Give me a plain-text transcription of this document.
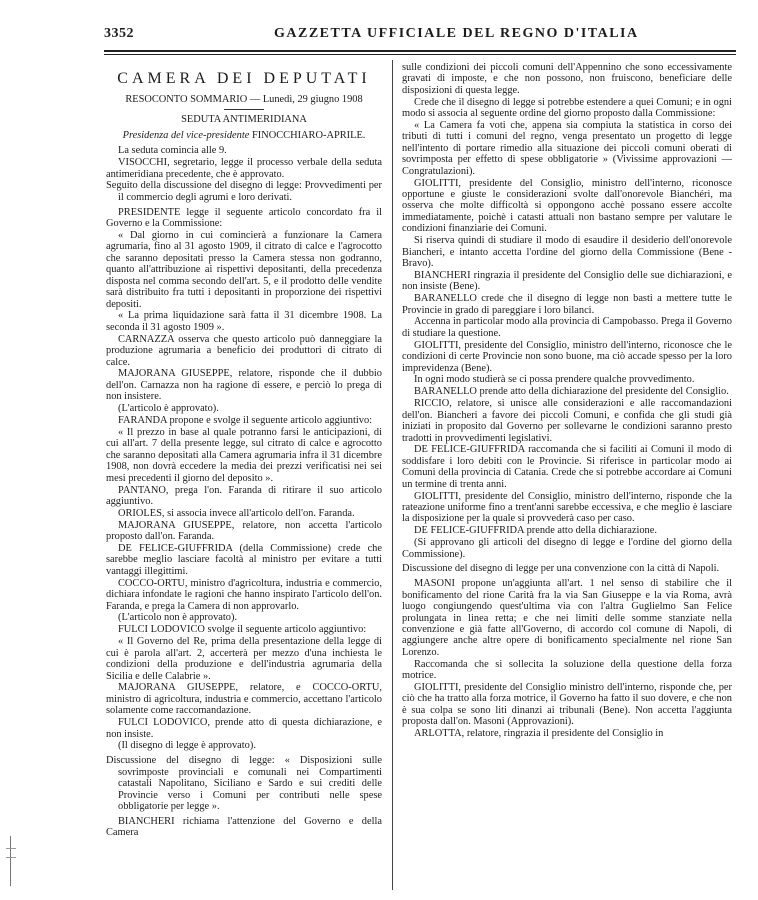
3352	GAZZETTA UFFICIALE DEL REGNO D'ITALIA
CAMERA DEI DEPUTATI
RESOCONTO SOMMARIO — Lunedì, 29 giugno 1908
SEDUTA ANTIMERIDIANA
Presidenza del vice-presidente FINOCCHIARO-APRILE.

La seduta comincia alle 9.

VISOCCHI, segretario, legge il processo verbale della seduta antimeridiana precedente, che è approvato.

Seguito della discussione del disegno di legge: Provvedimenti per il commercio degli agrumi e loro derivati.

PRESIDENTE legge il seguente articolo concordato fra il Governo e la Commissione:

« Dal giorno in cui comincierà a funzionare la Camera agrumaria, fino al 31 agosto 1909, il citrato di calce e l'agrocotto che saranno depositati presso la Camera stessa non godranno, quanto all'attribuzione ai rispettivi depositanti, della precedenza disposta nel comma secondo dell'art. 5, e il prodotto delle vendite sarà distribuito fra tutti i depositanti in proporzione dei rispettivi depositi.

« La prima liquidazione sarà fatta il 31 dicembre 1908. La seconda il 31 agosto 1909 ».

CARNAZZA osserva che questo articolo può danneggiare la produzione agrumaria a beneficio dei produttori di citrato di calce.

MAJORANA GIUSEPPE, relatore, risponde che il dubbio dell'on. Carnazza non ha ragione di essere, e perciò lo prega di non insistere.

(L'articolo è approvato).

FARANDA propone e svolge il seguente articolo aggiuntivo:

« Il prezzo in base al quale potranno farsi le anticipazioni, di cui all'art. 7 della presente legge, sul citrato di calce e agrocotto che saranno depositati alla Camera agrumaria infra il 31 dicembre 1908, non dovrà eccedere la media dei prezzi verificatisi nei sei mesi precedenti il giorno del deposito ».

PANTANO, prega l'on. Faranda di ritirare il suo articolo aggiuntivo.

ORIOLES, si associa invece all'articolo dell'on. Faranda.

MAJORANA GIUSEPPE, relatore, non accetta l'articolo proposto dall'on. Faranda.

DE FELICE-GIUFFRIDA (della Commissione) crede che sarebbe meglio lasciare facoltà al ministro per evitare a tutti vantaggi illegittimi.

COCCO-ORTU, ministro d'agricoltura, industria e commercio, dichiara infondate le ragioni che hanno inspirato l'articolo dell'on. Faranda, e prega la Camera di non approvarlo.

(L'articolo non è approvato).

FULCI LODOVICO svolge il seguente articolo aggiuntivo:

« Il Governo del Re, prima della presentazione della legge di cui è parola all'art. 2, accerterà per mezzo d'una inchiesta le condizioni della produzione e dell'industria agrumaria della Sicilia e delle Calabrie ».

MAJORANA GIUSEPPE, relatore, e COCCO-ORTU, ministro di agricoltura, industria e commercio, accettano l'articolo solamente come raccomandazione.

FULCI LODOVICO, prende atto di questa dichiarazione, e non insiste.

(Il disegno di legge è approvato).

Discussione del disegno di legge: « Disposizioni sulle sovrimposte provinciali e comunali nei Compartimenti catastali Napolitano, Siciliano e Sardo e sui crediti delle Provincie verso i Comuni per contributi nelle spese obbligatorie per legge ».

BIANCHERI richiama l'attenzione del Governo e della Camera

sulle condizioni dei piccoli comuni dell'Appennino che sono eccessivamente gravati di imposte, e che non possono, non fruiscono, beneficiare delle disposizioni di questa legge.

Crede che il disegno di legge si potrebbe estendere a quei Comuni; e in ogni modo si associa al seguente ordine del giorno proposto dalla Commissione:

« La Camera fa voti che, appena sia compiuta la statistica in corso dei tributi di tutti i comuni del regno, venga presentato un progetto di legge nell'intento di portare rimedio alla situazione dei piccoli comuni oberati di sovrimposta per effetto di spese obbligatorie » (Vivissime approvazioni — Congratulazioni).

GIOLITTI, presidente del Consiglio, ministro dell'interno, riconosce opportune e giuste le considerazioni svolte dall'onorevole Bianchéri, ma osserva che molte difficoltà si oppongono acchè possano essere accolte immediatamente, poichè i catasti attuali non bastano sempre per valutare le condizioni finanziarie dei Comuni.

Si riserva quindi di studiare il modo di esaudire il desiderio dell'onorevole Biancheri, e intanto accetta l'ordine del giorno della Commissione (Bene - Bravo).

BIANCHERI ringrazia il presidente del Consiglio delle sue dichiarazioni, e non insiste (Bene).

BARANELLO crede che il disegno di legge non basti a mettere tutte le Provincie in grado di pareggiare i loro bilanci.

Accenna in particolar modo alla provincia di Campobasso. Prega il Governo di studiare la questione.

GIOLITTI, presidente del Consiglio, ministro dell'interno, riconosce che le condizioni di certe Provincie non sono buone, ma ciò accade spesso per la loro imprevidenza (Bene).

In ogni modo studierà se ci possa prendere qualche provvedimento.

BARANELLO prende atto della dichiarazione del presidente del Consiglio.

RICCIO, relatore, si unisce alle considerazioni e alle raccomandazioni dell'on. Biancheri a favore dei piccoli Comuni, e confida che gli studi già iniziati in proposito dal Governo per sollevarne le condizioni saranno presto tradotti in provvedimenti legislativi.

DE FELICE-GIUFFRIDA raccomanda che si faciliti ai Comuni il modo di soddisfare i loro debiti con le Provincie. Si riferisce in particolar modo ai Comuni della provincia di Catania. Crede che si potrebbe accordare ai Comuni un termine di trenta anni.

GIOLITTI, presidente del Consiglio, ministro dell'interno, risponde che la rateazione uniforme fino a trent'anni sarebbe eccessiva, e che meglio è lasciare la disposizione per la quale si provvederà caso per caso.

DE FELICE-GIUFFRIDA prende atto della dichiarazione.

(Si approvano gli articoli del disegno di legge e l'ordine del giorno della Commissione).

Discussione del disegno di legge per una convenzione con la città di Napoli.

MASONI propone un'aggiunta all'art. 1 nel senso di stabilire che il bonificamento del rione Carità fra la via San Giuseppe e la via Roma, avrà luogo congiungendo quest'ultima via con l'altra Guglielmo San Felice prolungata in linea retta; e che nei limiti delle somme stanziate nella convenzione e già fatte all'Governo, di accordo col comune di Napoli, di aggiungere anche altre opere di bonificamento specialmente nel rione San Lorenzo.

Raccomanda che si sollecita la soluzione della questione della forza motrice.

GIOLITTI, presidente del Consiglio ministro dell'interno, risponde che, per ciò che ha tratto alla forza motrice, il Governo ha fatto il suo dovere, e che non è sua colpa se sono liti dinanzi ai tribunali (Bene). Non accetta l'aggiunta proposta dall'on. Masoni (Approvazioni).

ARLOTTA, relatore, ringrazia il presidente del Consiglio in
